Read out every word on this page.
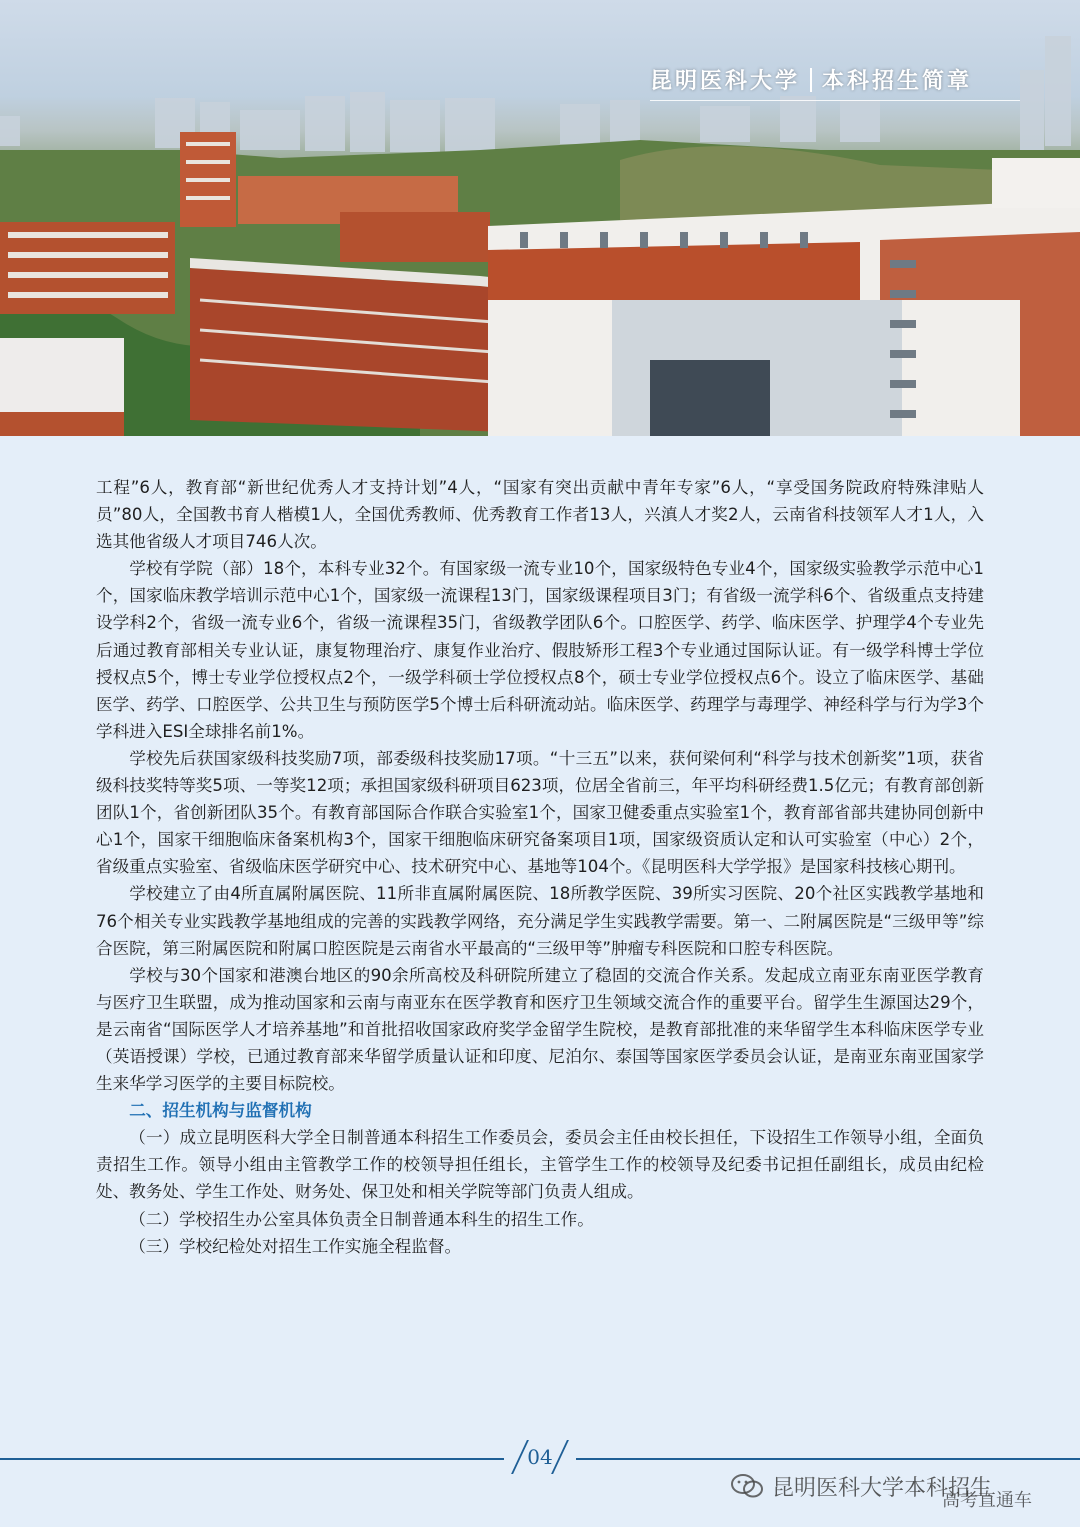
昆明医科大学 本科招生简章

工程”6人，教育部“新世纪优秀人才支持计划”4人，“国家有突出贡献中青年专家”6人，“享受国务院政府特殊津贴人员”80人，全国教书育人楷模1人，全国优秀教师、优秀教育工作者13人，兴滇人才奖2人，云南省科技领军人才1人，入选其他省级人才项目746人次。

学校有学院（部）18个，本科专业32个。有国家级一流专业10个，国家级特色专业4个，国家级实验教学示范中心1个，国家临床教学培训示范中心1个，国家级一流课程13门，国家级课程项目3门；有省级一流学科6个、省级重点支持建设学科2个，省级一流专业6个，省级一流课程35门，省级教学团队6个。口腔医学、药学、临床医学、护理学4个专业先后通过教育部相关专业认证，康复物理治疗、康复作业治疗、假肢矫形工程3个专业通过国际认证。有一级学科博士学位授权点5个，博士专业学位授权点2个，一级学科硕士学位授权点8个，硕士专业学位授权点6个。设立了临床医学、基础医学、药学、口腔医学、公共卫生与预防医学5个博士后科研流动站。临床医学、药理学与毒理学、神经科学与行为学3个学科进入ESI全球排名前1%。

学校先后获国家级科技奖励7项，部委级科技奖励17项。“十三五”以来，获何梁何利“科学与技术创新奖”1项，获省级科技奖特等奖5项、一等奖12项；承担国家级科研项目623项，位居全省前三，年平均科研经费1.5亿元；有教育部创新团队1个，省创新团队35个。有教育部国际合作联合实验室1个，国家卫健委重点实验室1个，教育部省部共建协同创新中心1个，国家干细胞临床备案机构3个，国家干细胞临床研究备案项目1项，国家级资质认定和认可实验室（中心）2个，省级重点实验室、省级临床医学研究中心、技术研究中心、基地等104个。《昆明医科大学学报》是国家科技核心期刊。

学校建立了由4所直属附属医院、11所非直属附属医院、18所教学医院、39所实习医院、20个社区实践教学基地和76个相关专业实践教学基地组成的完善的实践教学网络，充分满足学生实践教学需要。第一、二附属医院是“三级甲等”综合医院，第三附属医院和附属口腔医院是云南省水平最高的“三级甲等”肿瘤专科医院和口腔专科医院。

学校与30个国家和港澳台地区的90余所高校及科研院所建立了稳固的交流合作关系。发起成立南亚东南亚医学教育与医疗卫生联盟，成为推动国家和云南与南亚东在医学教育和医疗卫生领域交流合作的重要平台。留学生生源国达29个，是云南省“国际医学人才培养基地”和首批招收国家政府奖学金留学生院校，是教育部批准的来华留学生本科临床医学专业（英语授课）学校，已通过教育部来华留学质量认证和印度、尼泊尔、泰国等国家医学委员会认证，是南亚东南亚国家学生来华学习医学的主要目标院校。

二、招生机构与监督机构

（一）成立昆明医科大学全日制普通本科招生工作委员会，委员会主任由校长担任，下设招生工作领导小组，全面负责招生工作。领导小组由主管教学工作的校领导担任组长，主管学生工作的校领导及纪委书记担任副组长，成员由纪检处、教务处、学生工作处、财务处、保卫处和相关学院等部门负责人组成。

（二）学校招生办公室具体负责全日制普通本科生的招生工作。

（三）学校纪检处对招生工作实施全程监督。

04
昆明医科大学本科招生
高考直通车
